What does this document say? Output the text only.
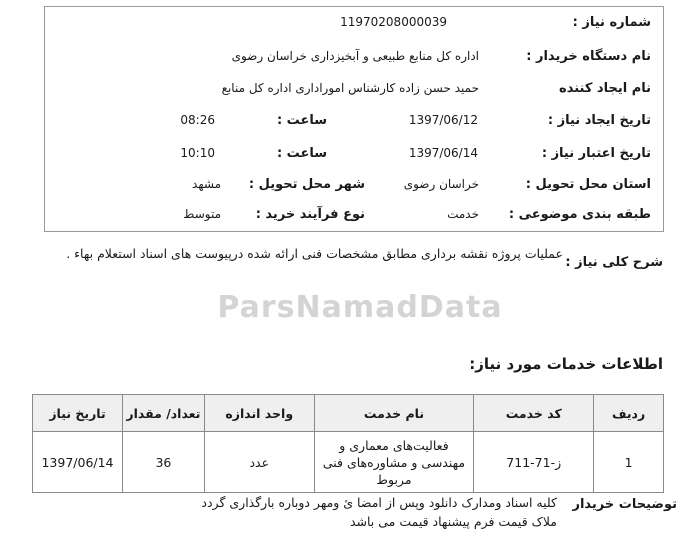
ParsNamadData
شماره نیاز :
11970208000039
نام دستگاه خریدار :
اداره کل منابع طبیعی و آبخیزداری خراسان رضوی
نام ایجاد کننده
حمید حسن زاده کارشناس اموراداری اداره کل منابع
تاریخ ایجاد نیاز :
1397/06/12
ساعت :
08:26
تاریخ اعتبار نیاز :
1397/06/14
ساعت :
10:10
استان محل تحویل :
خراسان رضوی
شهر محل تحویل :
مشهد
طبقه بندی موضوعی :
خدمت
نوع فرآیند خرید :
متوسط
شرح کلی نیاز :
عملیات پروژه نقشه برداری مطابق مشخصات فنی ارائه شده درپیوست های اسناد استعلام بهاء .
اطلاعات خدمات مورد نیاز:
ردیف	کد خدمت	نام خدمت	واحد اندازه	تعداد/ مقدار	تاریخ نیاز
1	ز-71-711	فعالیت‌های معماری و مهندسی و مشاوره‌های فنی مربوط	عدد	36	1397/06/14
توضیحات خریدار
کلیه اسناد ومدارک دانلود وپس از امضا ئ ومهر دوباره بارگذاری گردد
ملاک قیمت فرم پیشنهاد قیمت می باشد
